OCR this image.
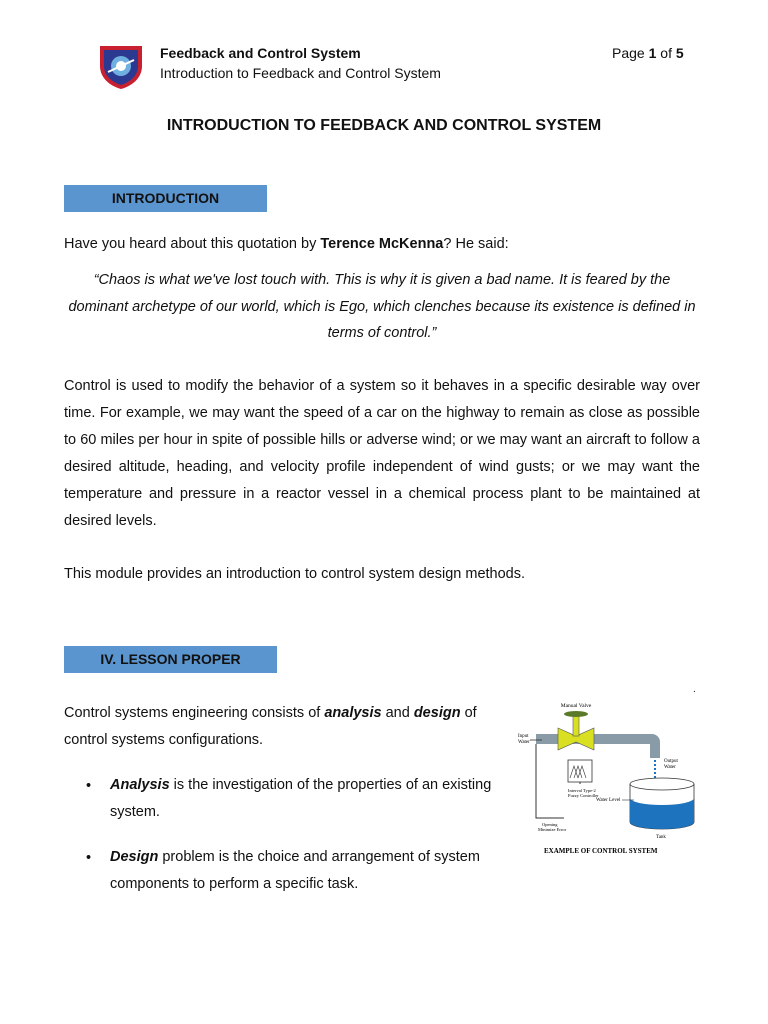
Feedback and Control System
Introduction to Feedback and Control System
Page 1 of 5
INTRODUCTION TO FEEDBACK AND CONTROL SYSTEM
INTRODUCTION
Have you heard about this quotation by Terence McKenna? He said:
“Chaos is what we've lost touch with. This is why it is given a bad name. It is feared by the dominant archetype of our world, which is Ego, which clenches because its existence is defined in terms of control.”
Control is used to modify the behavior of a system so it behaves in a specific desirable way over time. For example, we may want the speed of a car on the highway to remain as close as possible to 60 miles per hour in spite of possible hills or adverse wind; or we may want an aircraft to follow a desired altitude, heading, and velocity profile independent of wind gusts; or we may want the temperature and pressure in a reactor vessel in a chemical process plant to be maintained at desired levels.
This module provides an introduction to control system design methods.
IV. LESSON PROPER
.
Control systems engineering consists of analysis and design of control systems configurations.
• Analysis is the investigation of the properties of an existing system.
• Design problem is the choice and arrangement of system components to perform a specific task.
Manual Valve
Input
Water
Interval Type-2
Fuzzy Controller
Output
Water
Water Level
Opening
Minimize Error
Tank
EXAMPLE OF CONTROL SYSTEM
